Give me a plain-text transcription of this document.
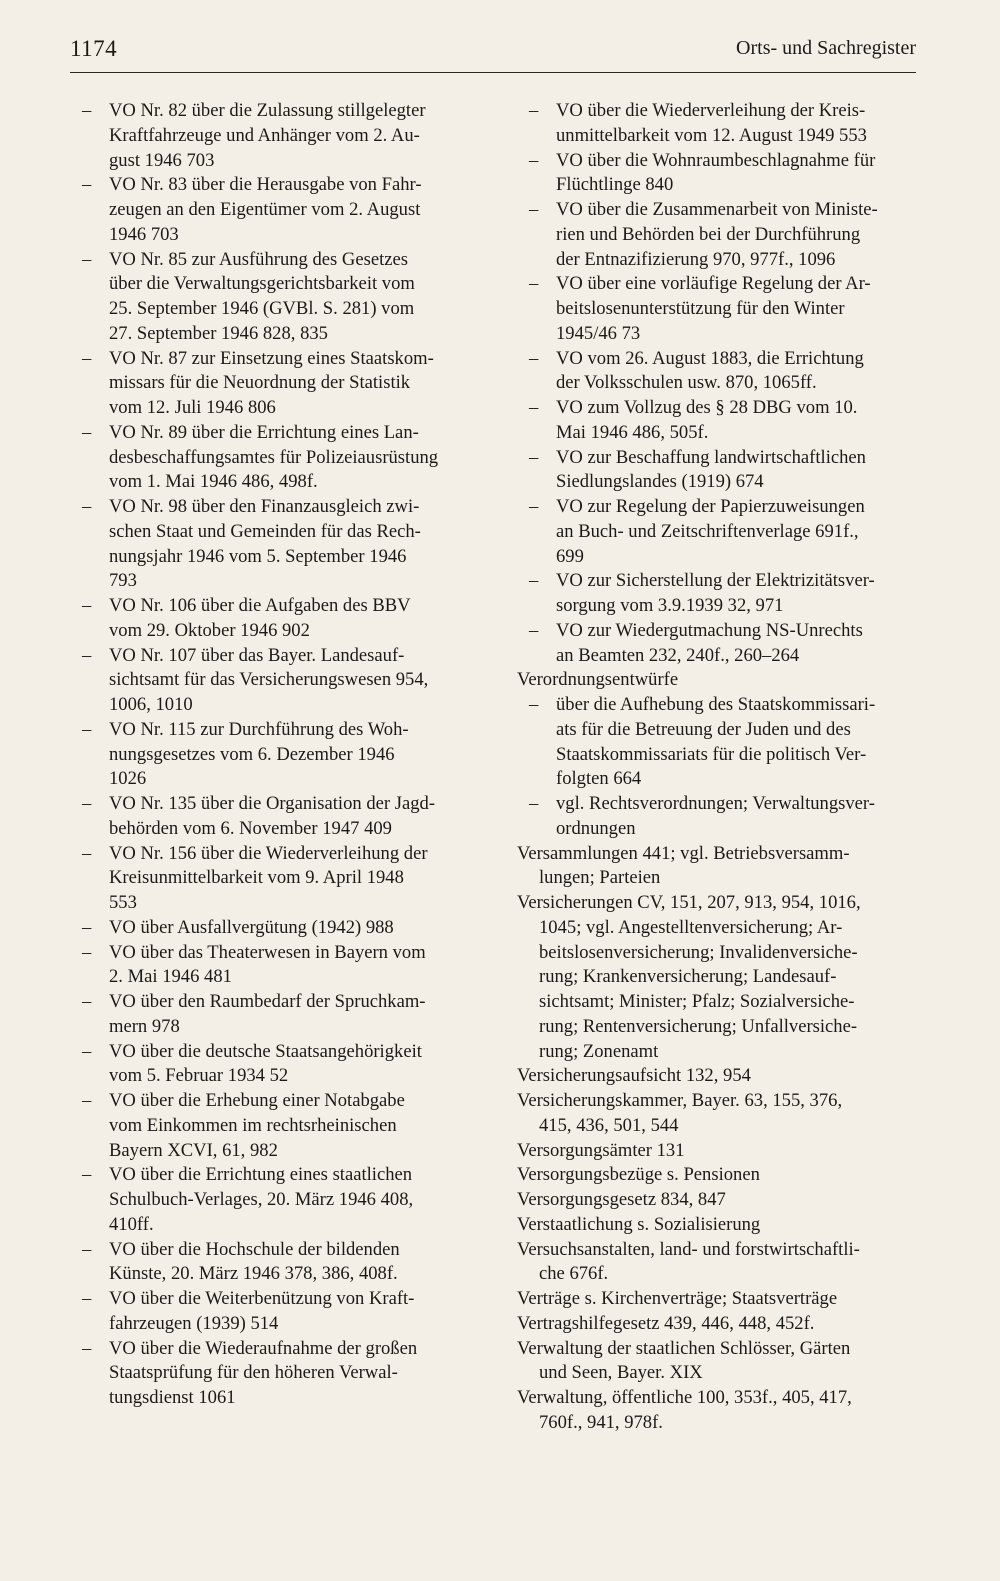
1174	Orts- und Sachregister

– VO Nr. 82 über die Zulassung stillgelegter
Kraftfahrzeuge und Anhänger vom 2. Au-
gust 1946 703

– VO Nr. 83 über die Herausgabe von Fahr-
zeugen an den Eigentümer vom 2. August
1946 703

– VO Nr. 85 zur Ausführung des Gesetzes
über die Verwaltungsgerichtsbarkeit vom
25. September 1946 (GVBl. S. 281) vom
27. September 1946 828, 835

– VO Nr. 87 zur Einsetzung eines Staatskom-
missars für die Neuordnung der Statistik
vom 12. Juli 1946 806

– VO Nr. 89 über die Errichtung eines Lan-
desbeschaffungsamtes für Polizeiausrüstung
vom 1. Mai 1946 486, 498f.

– VO Nr. 98 über den Finanzausgleich zwi-
schen Staat und Gemeinden für das Rech-
nungsjahr 1946 vom 5. September 1946
793

– VO Nr. 106 über die Aufgaben des BBV
vom 29. Oktober 1946 902

– VO Nr. 107 über das Bayer. Landesauf-
sichtsamt für das Versicherungswesen 954,
1006, 1010

– VO Nr. 115 zur Durchführung des Woh-
nungsgesetzes vom 6. Dezember 1946
1026

– VO Nr. 135 über die Organisation der Jagd-
behörden vom 6. November 1947 409

– VO Nr. 156 über die Wiederverleihung der
Kreisunmittelbarkeit vom 9. April 1948
553

– VO über Ausfallvergütung (1942) 988

– VO über das Theaterwesen in Bayern vom
2. Mai 1946 481

– VO über den Raumbedarf der Spruchkam-
mern 978

– VO über die deutsche Staatsangehörigkeit
vom 5. Februar 1934 52

– VO über die Erhebung einer Notabgabe
vom Einkommen im rechtsrheinischen
Bayern XCVI, 61, 982

– VO über die Errichtung eines staatlichen
Schulbuch-Verlages, 20. März 1946 408,
410ff.

– VO über die Hochschule der bildenden
Künste, 20. März 1946 378, 386, 408f.

– VO über die Weiterbenützung von Kraft-
fahrzeugen (1939) 514

– VO über die Wiederaufnahme der großen
Staatsprüfung für den höheren Verwal-
tungsdienst 1061

– VO über die Wiederverleihung der Kreis-
unmittelbarkeit vom 12. August 1949 553

– VO über die Wohnraumbeschlagnahme für
Flüchtlinge 840

– VO über die Zusammenarbeit von Ministe-
rien und Behörden bei der Durchführung
der Entnazifizierung 970, 977f., 1096

– VO über eine vorläufige Regelung der Ar-
beitslosenunterstützung für den Winter
1945/46 73

– VO vom 26. August 1883, die Errichtung
der Volksschulen usw. 870, 1065ff.

– VO zum Vollzug des § 28 DBG vom 10.
Mai 1946 486, 505f.

– VO zur Beschaffung landwirtschaftlichen
Siedlungslandes (1919) 674

– VO zur Regelung der Papierzuweisungen
an Buch- und Zeitschriftenverlage 691f.,
699

– VO zur Sicherstellung der Elektrizitätsver-
sorgung vom 3.9.1939 32, 971

– VO zur Wiedergutmachung NS-Unrechts
an Beamten 232, 240f., 260–264

Verordnungsentwürfe

– über die Aufhebung des Staatskommissari-
ats für die Betreuung der Juden und des
Staatskommissariats für die politisch Ver-
folgten 664

– vgl. Rechtsverordnungen; Verwaltungsver-
ordnungen

Versammlungen 441; vgl. Betriebsversamm-
lungen; Parteien

Versicherungen CV, 151, 207, 913, 954, 1016,
1045; vgl. Angestelltenversicherung; Ar-
beitslosenversicherung; Invalidenversiche-
rung; Krankenversicherung; Landesauf-
sichtsamt; Minister; Pfalz; Sozialversiche-
rung; Rentenversicherung; Unfallversiche-
rung; Zonenamt

Versicherungsaufsicht 132, 954

Versicherungskammer, Bayer. 63, 155, 376,
415, 436, 501, 544

Versorgungsämter 131

Versorgungsbezüge s. Pensionen

Versorgungsgesetz 834, 847

Verstaatlichung s. Sozialisierung

Versuchsanstalten, land- und forstwirtschaftli-
che 676f.

Verträge s. Kirchenverträge; Staatsverträge

Vertragshilfegesetz 439, 446, 448, 452f.

Verwaltung der staatlichen Schlösser, Gärten
und Seen, Bayer. XIX

Verwaltung, öffentliche 100, 353f., 405, 417,
760f., 941, 978f.
